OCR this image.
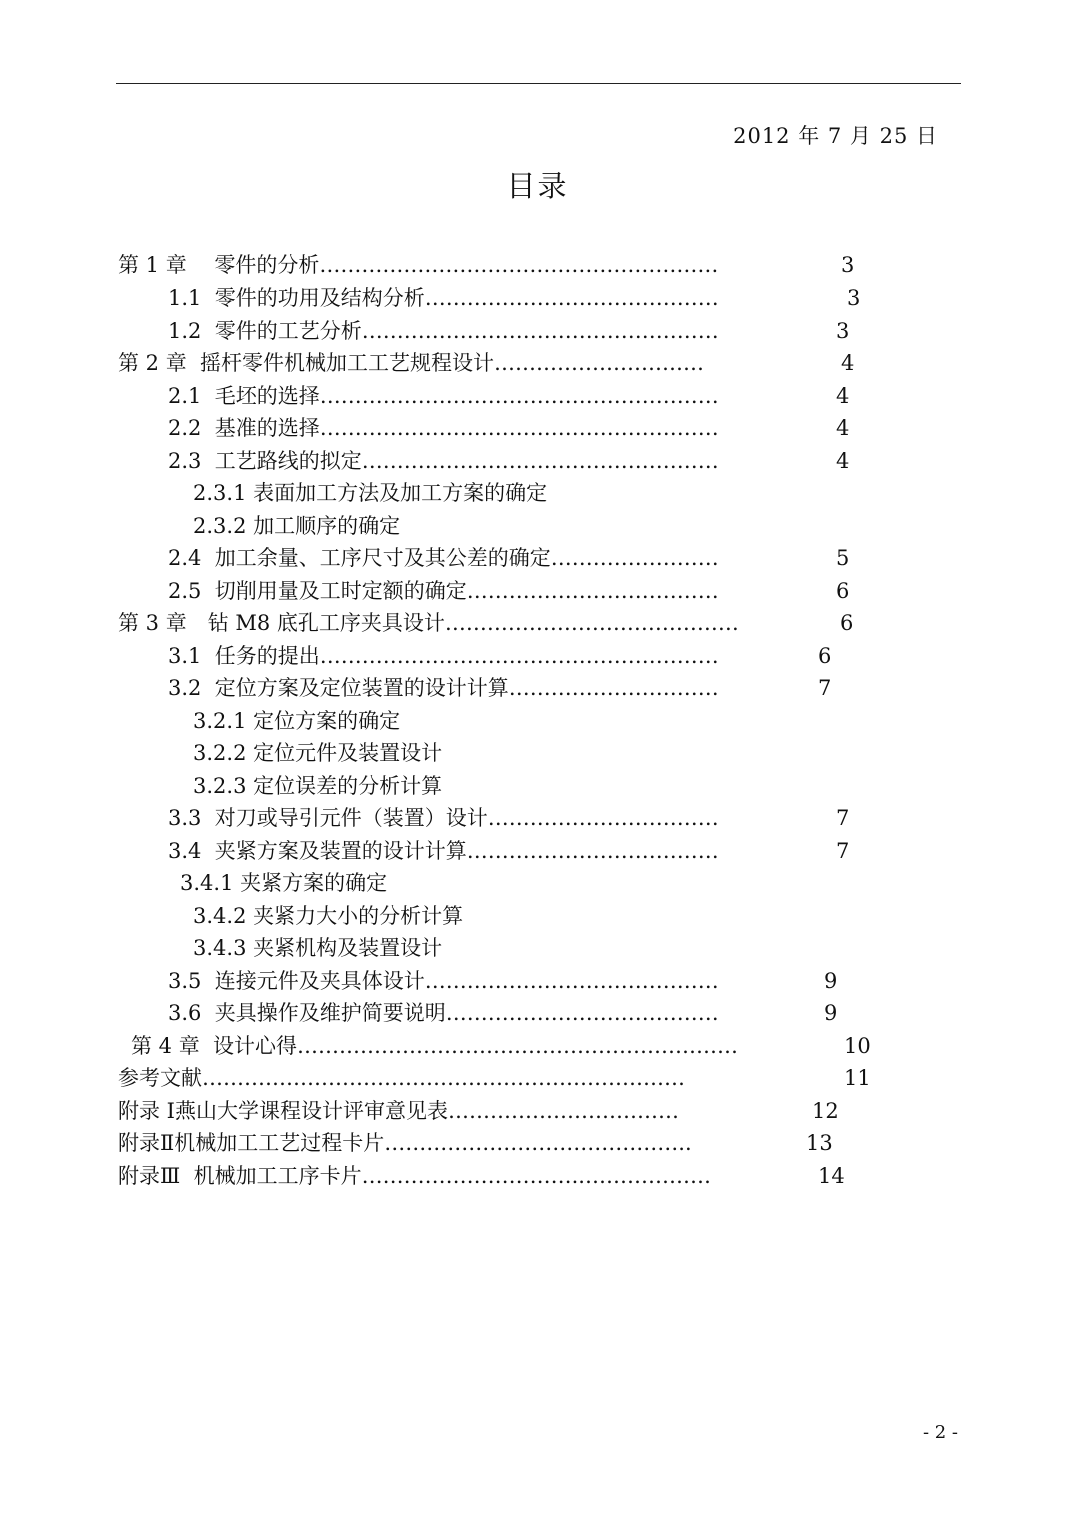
2012 年 7 月 25 日
目录
第 1 章　 零件的分析…………………………………………………	3
1.1  零件的功用及结构分析……………………………………	3
1.2  零件的工艺分析……………………………………………	3
第 2 章  摇杆零件机械加工工艺规程设计…………………………	4
2.1  毛坯的选择…………………………………………………	4
2.2  基准的选择…………………………………………………	4
2.3  工艺路线的拟定……………………………………………	4
2.3.1 表面加工方法及加工方案的确定
2.3.2 加工顺序的确定
2.4  加工余量、工序尺寸及其公差的确定……………………	5
2.5  切削用量及工时定额的确定………………………………	6
第 3 章　钻 M8 底孔工序夹具设计……………………………………	6
3.1  任务的提出…………………………………………………	6
3.2  定位方案及定位装置的设计计算…………………………	7
3.2.1 定位方案的确定
3.2.2 定位元件及装置设计
3.2.3 定位误差的分析计算
3.3  对刀或导引元件（装置）设计……………………………	7
3.4  夹紧方案及装置的设计计算………………………………	7
3.4.1 夹紧方案的确定
3.4.2 夹紧力大小的分析计算
3.4.3 夹紧机构及装置设计
3.5  连接元件及夹具体设计……………………………………	9
3.6  夹具操作及维护简要说明…………………………………	9
第 4 章  设计心得………………………………………………………	10
参考文献……………………………………………………………	11
附录 Ⅰ燕山大学课程设计评审意见表……………………………	12
附录Ⅱ机械加工工艺过程卡片……………………………………..	13
附录Ⅲ  机械加工工序卡片…………………………..………………	14
- 2 -
